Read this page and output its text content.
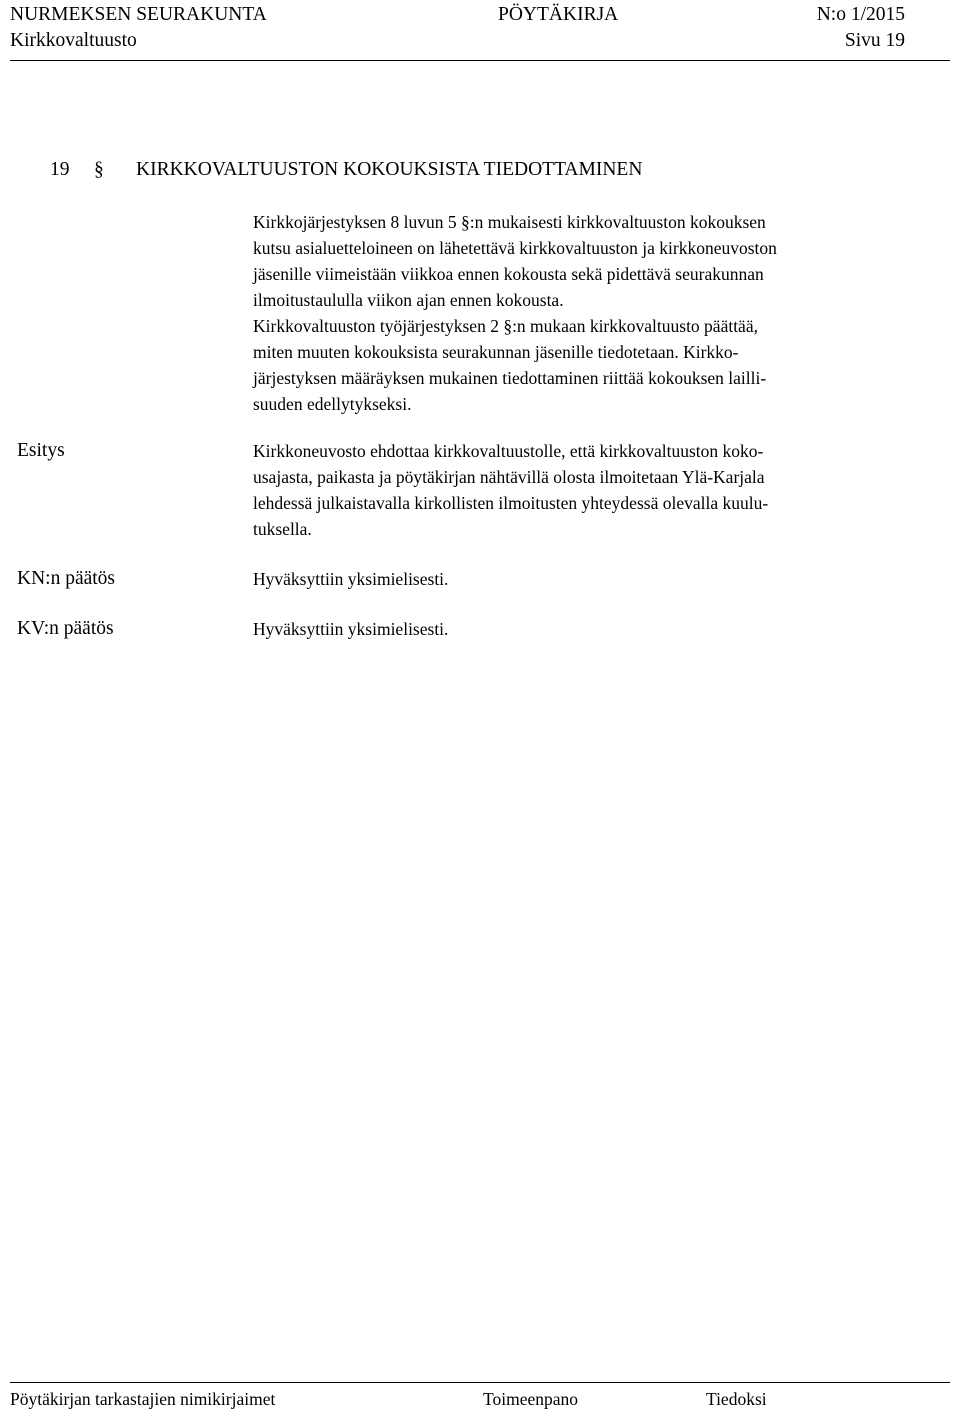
NURMEKSEN SEURAKUNTA	PÖYTÄKIRJA	N:o 1/2015
Kirkkovaltuusto	Sivu 19
19 § KIRKKOVALTUUSTON KOKOUKSISTA TIEDOTTAMINEN

Kirkkojärjestyksen 8 luvun 5 §:n mukaisesti kirkkovaltuuston kokouksen
kutsu asialuetteloineen on lähetettävä kirkkovaltuuston ja kirkkoneuvoston
jäsenille viimeistään viikkoa ennen kokousta sekä pidettävä seurakunnan
ilmoitustaululla viikon ajan ennen kokousta.
Kirkkovaltuuston työjärjestyksen 2 §:n mukaan kirkkovaltuusto päättää,
miten muuten kokouksista seurakunnan jäsenille tiedotetaan. Kirkko-
järjestyksen määräyksen mukainen tiedottaminen riittää kokouksen lailli-
suuden edellytykseksi.

Esitys	Kirkkoneuvosto ehdottaa kirkkovaltuustolle, että kirkkovaltuuston koko-
usajasta, paikasta ja pöytäkirjan nähtävillä olosta ilmoitetaan Ylä-Karjala
lehdessä julkaistavalla kirkollisten ilmoitusten yhteydessä olevalla kuulu-
tuksella.

KN:n päätös	Hyväksyttiin yksimielisesti.

KV:n päätös	Hyväksyttiin yksimielisesti.

Pöytäkirjan tarkastajien nimikirjaimet	Toimeenpano	Tiedoksi
